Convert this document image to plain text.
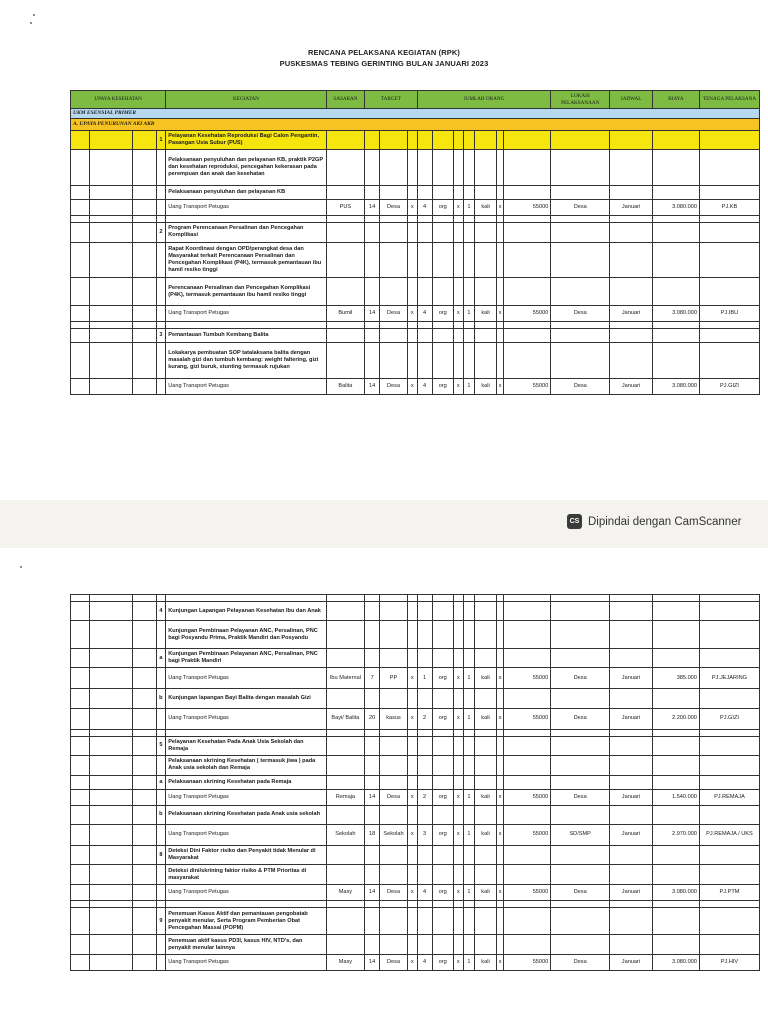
RENCANA PELAKSANA KEGIATAN (RPK)
PUSKESMAS TEBING GERINTING BULAN JANUARI 2023
UPAYA KESEHATAN	KEGIATAN	SASARAN	TARGET	JUMLAH ORANG	LOKASI PELAKSANAAN	JADWAL	BIAYA	TENAGA PELAKSANA
UKM ESENSIAL PRIMER
A. UPAYA PENURUNAN AKI AKB
			1	Pelayanan Kesehatan Reproduksi Bagi Calon Pengantin, Pasangan Usia Subur (PUS)															
				Pelaksanaan penyuluhan dan pelayanan KB, praktik P2GP dan kesehatan reproduksi, pencegahan kekerasan pada perempuan dan anak dan kesehatan															
				Pelaksanaan penyuluhan dan pelayanan KB															
				Uang Transport Petugas	PUS	14	Desa	x	4	org	x	1	kali	x	55000	Desa	Januari	3.080.000	PJ.KB

			2	Program Perencanaan Persalinan dan Pencegahan Komplikasi															
				Rapat Koordinasi dengan OPD/perangkat desa dan Masyarakat terkait Perencanaan Persalinan dan Pencegahan Komplikasi (P4K), termasuk pemantauan ibu hamil resiko tinggi															
				Perencanaan Persalinan dan Pencegahan Komplikasi (P4K), termasuk pemantauan ibu hamil resiko tinggi															
				Uang Transport Petugas	Bumil	14	Desa	x	4	org	x	1	kali	x	55000	Desa	Januari	3.080.000	PJ.IBU

			3	Pemantauan Tumbuh Kembang Balita															
				Lokakarya pembuatan SOP tatalaksana balita dengan masalah gizi dan tumbuh kembang: weight faltering, gizi kurang, gizi buruk, stunting termasuk rujukan															
				Uang Transport Petugas	Balita	14	Desa	x	4	org	x	1	kali	x	55000	Desa	Januari	3.080.000	PJ.GIZI
CS Dipindai dengan CamScanner

			4	Kunjungan Lapangan Pelayanan Kesehatan Ibu dan Anak															
				Kunjungan Pembinaan Pelayanan ANC, Persalinan, PNC bagi Posyandu Prima, Praktik Mandiri dan Posyandu															
			a	Kunjungan Pembinaan Pelayanan ANC, Persalinan, PNC bagi Praktik Mandiri															
				Uang Transport Petugas	Ibu Maternal	7	PP	x	1	org	x	1	kali	x	55000	Desa	Januari	385.000	PJ.JEJARING
			b	Kunjungan lapangan Bayi Balita dengan masalah Gizi															
				Uang Transport Petugas	Bayi/ Balita	20	kasus	x	2	org	x	1	kali	x	55000	Desa	Januari	2.200.000	PJ.GIZI

			5	Pelayanan Kesehatan Pada Anak Usia Sekolah dan Remaja															
				Pelaksanaan skrining Kesehatan ( termasuk jiwa ) pada Anak usia sekolah dan Remaja															
			a	Pelaksanaan skrining Kesehatan pada Remaja															
				Uang Transport Petugas	Remaja	14	Desa	x	2	org	x	1	kali	x	55000	Desa	Januari	1.540.000	PJ.REMAJA
			b	Pelaksanaan skrining Kesehatan pada Anak usia sekolah															
				Uang Transport Petugas	Sekolah	18	Sekolah	x	3	org	x	1	kali	x	55000	SD/SMP	Januari	2.970.000	PJ.REMAJA / UKS
			8	Deteksi Dini Faktor risiko dan Penyakit tidak Menular di Masyarakat															
				Deteksi dini/skrining faktor risiko & PTM Prioritas di masyarakat															
				Uang Transport Petugas	Masy	14	Desa	x	4	org	x	1	kali	x	55000	Desa	Januari	3.080.000	PJ.PTM

			9	Penemuan Kasus Aktif dan pemantauan pengobatab penyakit menular, Serta Program Pemberian Obat Pencegahan Massal (POPM)															
				Penemuan aktif kasus PD3I, kasus HIV, NTD's, dan penyakit menular lainnya															
				Uang Transport Petugas	Masy	14	Desa	x	4	org	x	1	kali	x	55000	Desa	Januari	3.080.000	PJ.HIV
